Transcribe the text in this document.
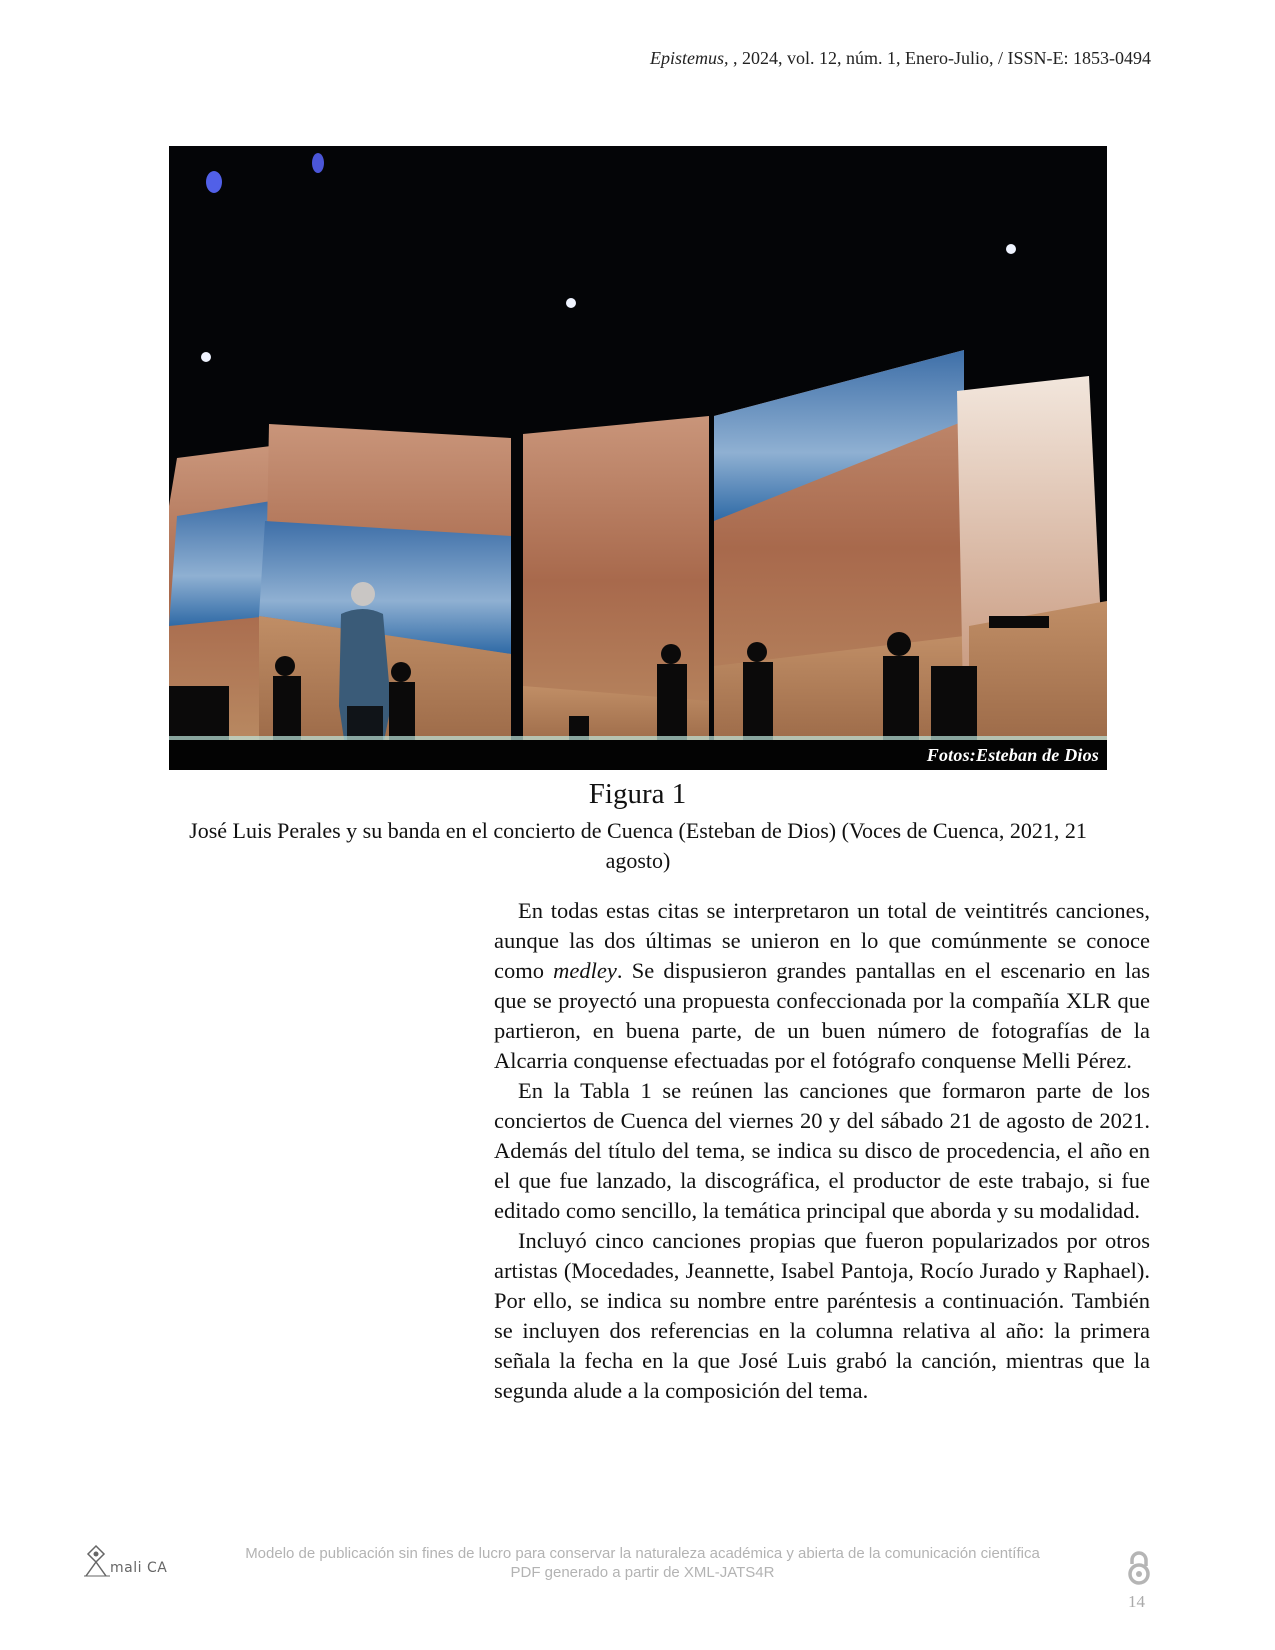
Epistemus, , 2024, vol. 12, núm. 1, Enero-Julio, / ISSN-E: 1853-0494
Fotos:Esteban de Dios
Figura 1
José Luis Perales y su banda en el concierto de Cuenca (Esteban de Dios) (Voces de Cuenca, 2021, 21 agosto)

En todas estas citas se interpretaron un total de veintitrés canciones, aunque las dos últimas se unieron en lo que comúnmente se conoce como medley. Se dispusieron grandes pantallas en el escenario en las que se proyectó una propuesta confeccionada por la compañía XLR que partieron, en buena parte, de un buen número de fotografías de la Alcarria conquense efectuadas por el fotógrafo conquense Melli Pérez.

En la Tabla 1 se reúnen las canciones que formaron parte de los conciertos de Cuenca del viernes 20 y del sábado 21 de agosto de 2021. Además del título del tema, se indica su disco de procedencia, el año en el que fue lanzado, la discográfica, el productor de este trabajo, si fue editado como sencillo, la temática principal que aborda y su modalidad.

Incluyó cinco canciones propias que fueron popularizados por otros artistas (Mocedades, Jeannette, Isabel Pantoja, Rocío Jurado y Raphael). Por ello, se indica su nombre entre paréntesis a continuación. También se incluyen dos referencias en la columna relativa al año: la primera señala la fecha en la que José Luis grabó la canción, mientras que la segunda alude a la composición del tema.

mali CA
Modelo de publicación sin fines de lucro para conservar la naturaleza académica y abierta de la comunicación científica
PDF generado a partir de XML-JATS4R
14
